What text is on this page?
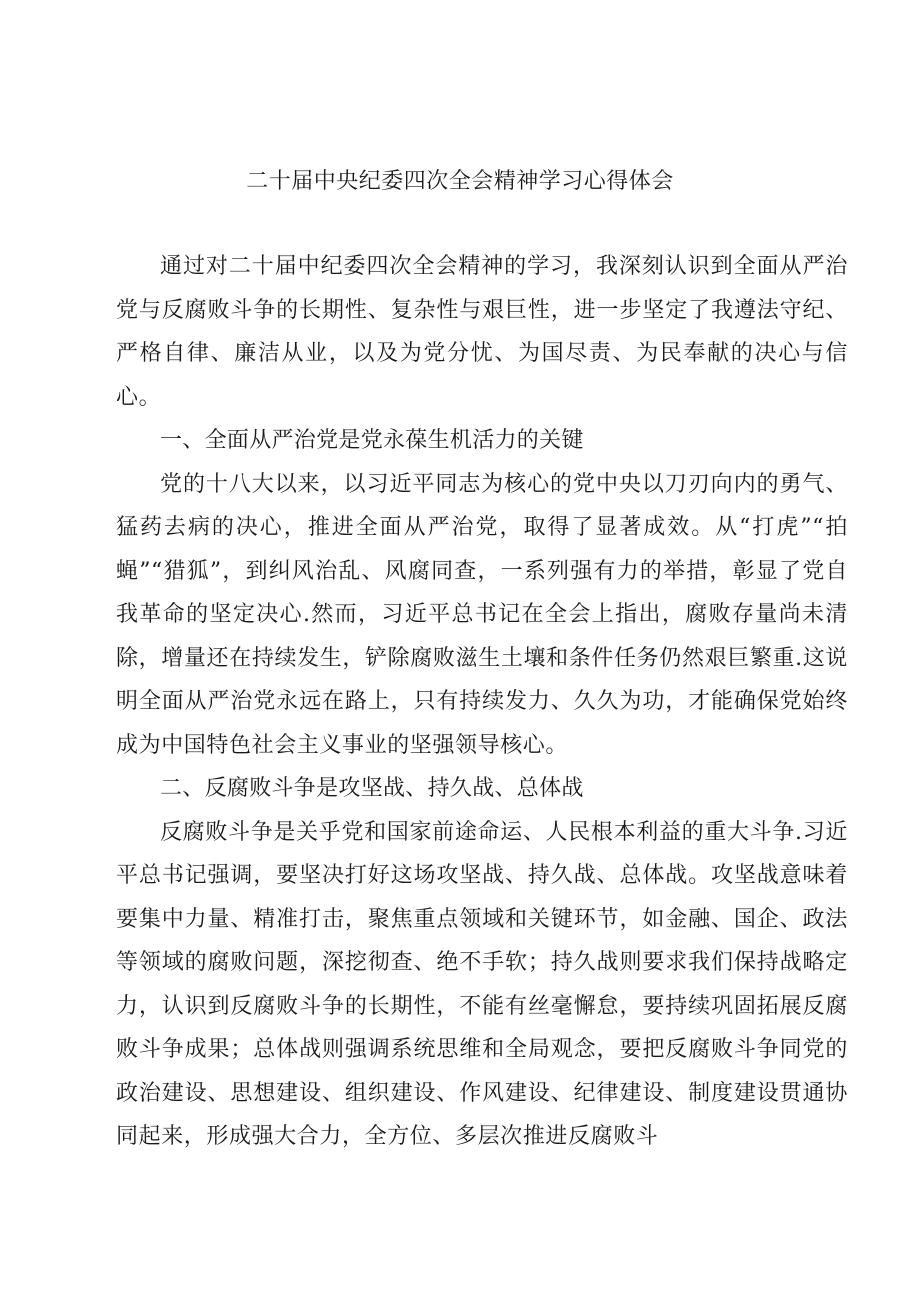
二十届中央纪委四次全会精神学习心得体会

通过对二十届中纪委四次全会精神的学习，我深刻认识到全面从严治党与反腐败斗争的长期性、复杂性与艰巨性，进一步坚定了我遵法守纪、严格自律、廉洁从业，以及为党分忧、为国尽责、为民奉献的决心与信心。

一、全面从严治党是党永葆生机活力的关键

党的十八大以来，以习近平同志为核心的党中央以刀刃向内的勇气、猛药去病的决心，推进全面从严治党，取得了显著成效。从“打虎”“拍蝇”“猎狐”，到纠风治乱、风腐同查，一系列强有力的举措，彰显了党自我革命的坚定决心.然而，习近平总书记在全会上指出，腐败存量尚未清除，增量还在持续发生，铲除腐败滋生土壤和条件任务仍然艰巨繁重.这说明全面从严治党永远在路上，只有持续发力、久久为功，才能确保党始终成为中国特色社会主义事业的坚强领导核心。

二、反腐败斗争是攻坚战、持久战、总体战

反腐败斗争是关乎党和国家前途命运、人民根本利益的重大斗争.习近平总书记强调，要坚决打好这场攻坚战、持久战、总体战。攻坚战意味着要集中力量、精准打击，聚焦重点领域和关键环节，如金融、国企、政法等领域的腐败问题，深挖彻查、绝不手软；持久战则要求我们保持战略定力，认识到反腐败斗争的长期性，不能有丝毫懈怠，要持续巩固拓展反腐败斗争成果；总体战则强调系统思维和全局观念，要把反腐败斗争同党的政治建设、思想建设、组织建设、作风建设、纪律建设、制度建设贯通协同起来，形成强大合力，全方位、多层次推进反腐败斗
